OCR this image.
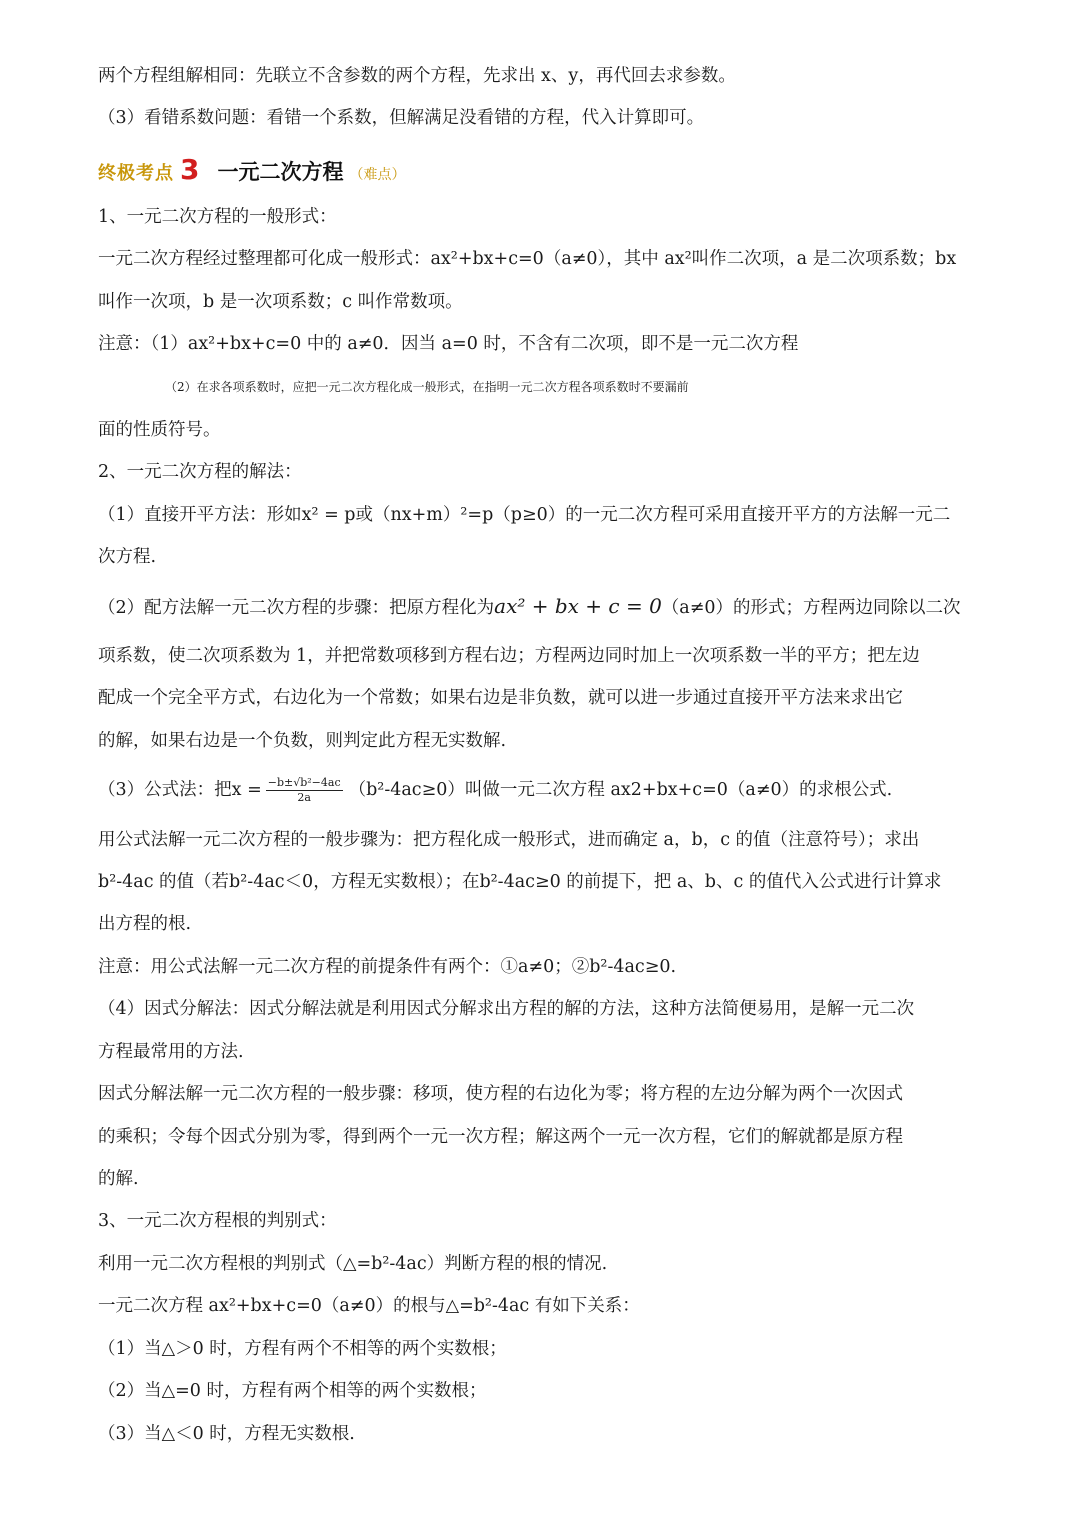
两个方程组解相同：先联立不含参数的两个方程，先求出 x、y，再代回去求参数。
（3）看错系数问题：看错一个系数，但解满足没看错的方程，代入计算即可。
终极考点 3 一元二次方程 （难点）
1、一元二次方程的一般形式：
一元二次方程经过整理都可化成一般形式：ax²+bx+c=0（a≠0），其中 ax²叫作二次项，a 是二次项系数；bx
叫作一次项，b 是一次项系数；c 叫作常数项。
注意：（1）ax²+bx+c=0 中的 a≠0．因当 a=0 时，不含有二次项，即不是一元二次方程
（2）在求各项系数时，应把一元二次方程化成一般形式，在指明一元二次方程各项系数时不要漏前
面的性质符号。
2、一元二次方程的解法：
（1）直接开平方法：形如x² = p或（nx+m）²=p（p≥0）的一元二次方程可采用直接开平方的方法解一元二
次方程.
（2）配方法解一元二次方程的步骤：把原方程化为ax² + bx + c = 0（a≠0）的形式；方程两边同除以二次
项系数，使二次项系数为 1，并把常数项移到方程右边；方程两边同时加上一次项系数一半的平方；把左边
配成一个完全平方式，右边化为一个常数；如果右边是非负数，就可以进一步通过直接开平方法来求出它
的解，如果右边是一个负数，则判定此方程无实数解.
（3）公式法：把$x = \frac{\text{−b±√b²−4ac}}{2a} (b^2-4ac\ge 0)$叫做一元二次方程 ax2+bx+c=0（a≠0）的求根公式.
用公式法解一元二次方程的一般步骤为：把方程化成一般形式，进而确定 a，b，c 的值（注意符号）；求出
b²-4ac 的值（若b²-4ac＜0，方程无实数根）；在b²-4ac≥0 的前提下，把 a、b、c 的值代入公式进行计算求
出方程的根.
注意：用公式法解一元二次方程的前提条件有两个：①a≠0；②b²-4ac≥0.
（4）因式分解法：因式分解法就是利用因式分解求出方程的解的方法，这种方法简便易用，是解一元二次
方程最常用的方法.
因式分解法解一元二次方程的一般步骤：移项，使方程的右边化为零；将方程的左边分解为两个一次因式
的乘积；令每个因式分别为零，得到两个一元一次方程；解这两个一元一次方程，它们的解就都是原方程
的解.
3、一元二次方程根的判别式：
利用一元二次方程根的判别式（△=b²-4ac）判断方程的根的情况.
一元二次方程 ax²+bx+c=0（a≠0）的根与△=b²-4ac 有如下关系：
（1）当△＞0 时，方程有两个不相等的两个实数根；
（2）当△=0 时，方程有两个相等的两个实数根；
（3）当△＜0 时，方程无实数根.
